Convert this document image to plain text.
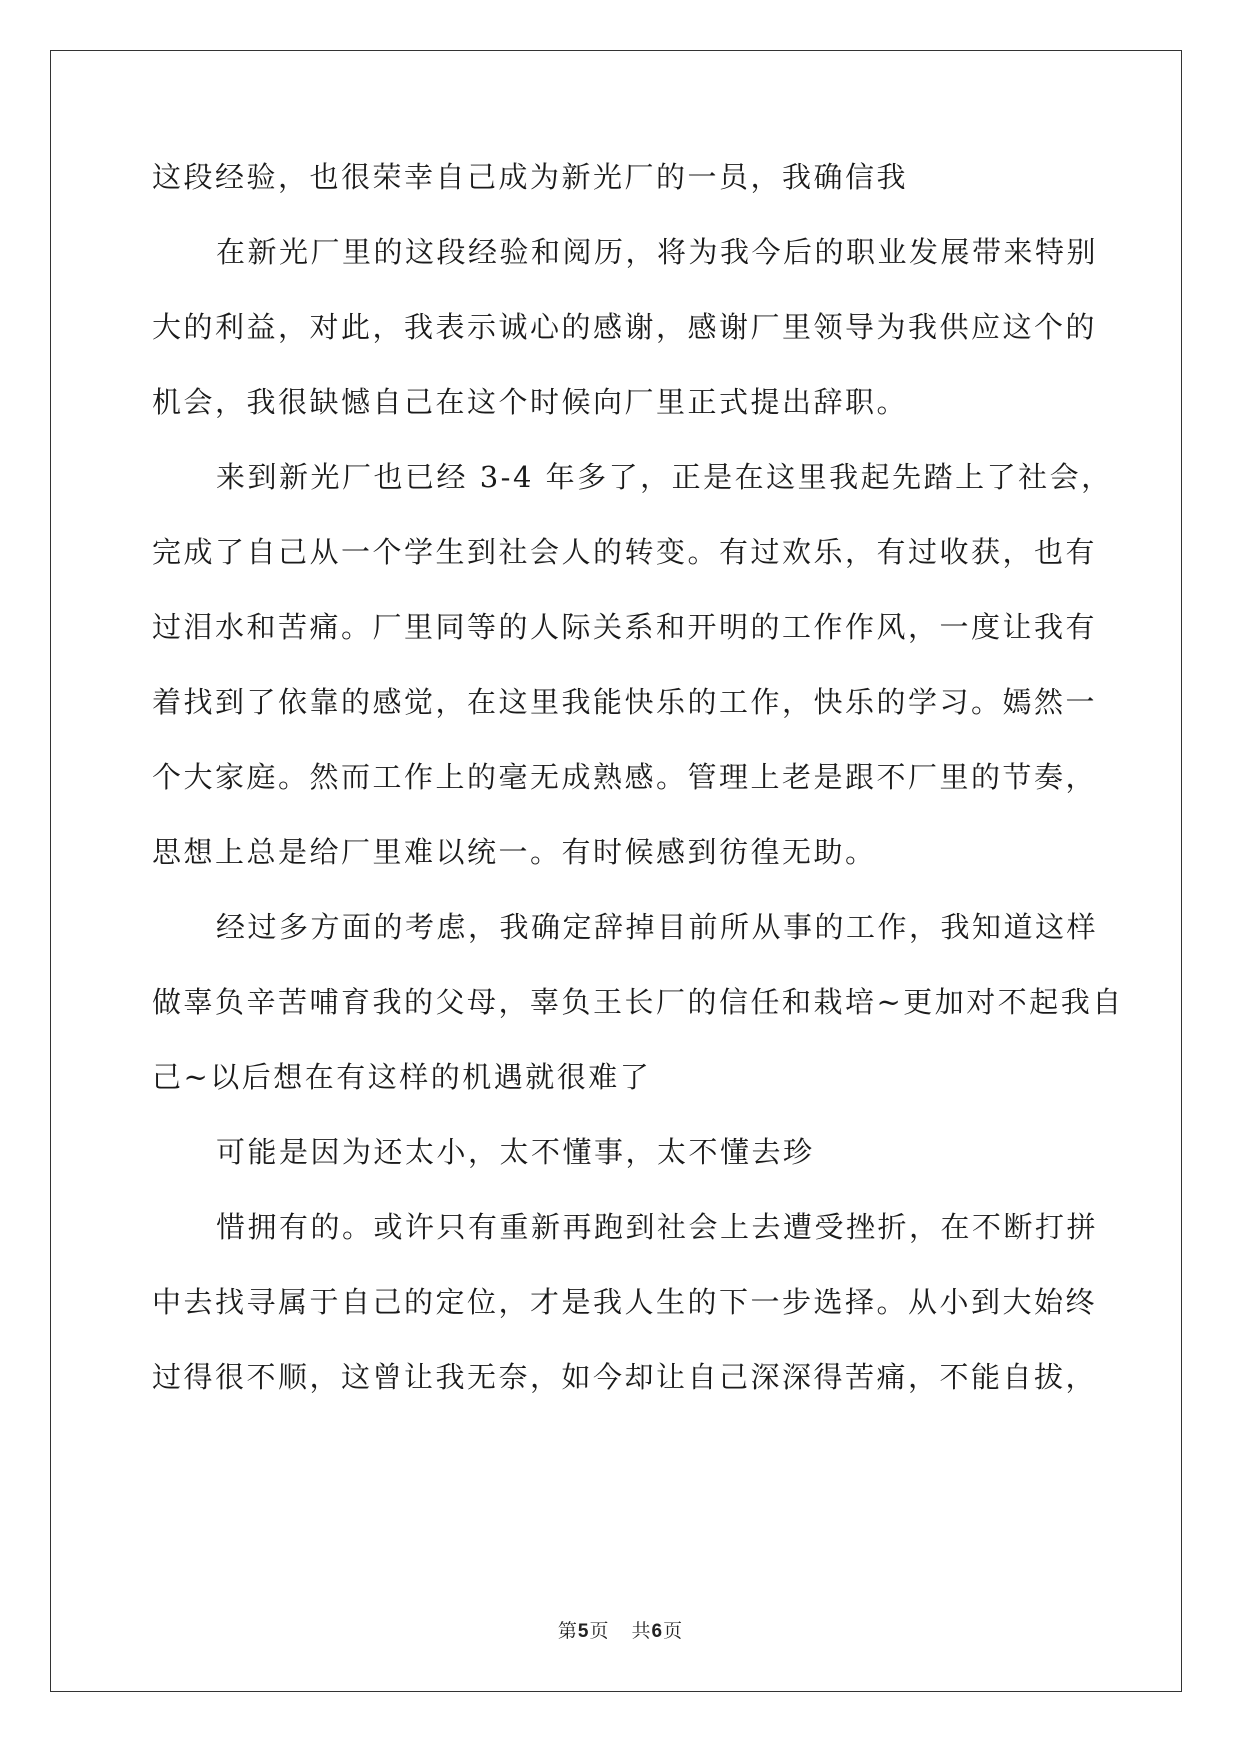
这段经验，也很荣幸自己成为新光厂的一员，我确信我
在新光厂里的这段经验和阅历，将为我今后的职业发展带来特别
大的利益，对此，我表示诚心的感谢，感谢厂里领导为我供应这个的
机会，我很缺憾自己在这个时候向厂里正式提出辞职。
来到新光厂也已经 3-4 年多了，正是在这里我起先踏上了社会，
完成了自己从一个学生到社会人的转变。有过欢乐，有过收获，也有
过泪水和苦痛。厂里同等的人际关系和开明的工作作风，一度让我有
着找到了依靠的感觉，在这里我能快乐的工作，快乐的学习。嫣然一
个大家庭。然而工作上的毫无成熟感。管理上老是跟不厂里的节奏，
思想上总是给厂里难以统一。有时候感到彷徨无助。
经过多方面的考虑，我确定辞掉目前所从事的工作，我知道这样
做辜负辛苦哺育我的父母，辜负王长厂的信任和栽培~更加对不起我自
己~以后想在有这样的机遇就很难了
可能是因为还太小，太不懂事，太不懂去珍
惜拥有的。或许只有重新再跑到社会上去遭受挫折，在不断打拼
中去找寻属于自己的定位，才是我人生的下一步选择。从小到大始终
过得很不顺，这曾让我无奈，如今却让自己深深得苦痛，不能自拔，
第5页 共6页
